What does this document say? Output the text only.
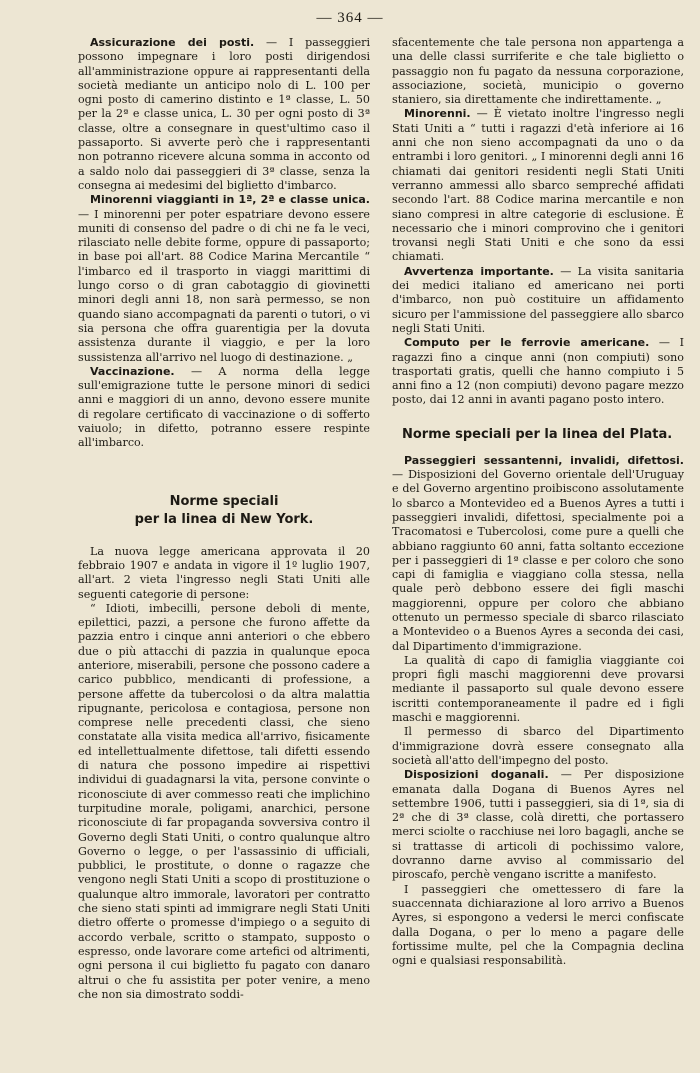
— 364 —

Assicurazione dei posti. — I passeggieri possono impegnare i loro posti dirigendosi all'amministrazione oppure ai rappresentanti della società mediante un anticipo nolo di L. 100 per ogni posto di camerino distinto e 1ª classe, L. 50 per la 2ª e classe unica, L. 30 per ogni posto di 3ª classe, oltre a consegnare in quest'ultimo caso il passaporto. Si avverte però che i rappresentanti non potranno ricevere alcuna somma in acconto od a saldo nolo dai passeggieri di 3ª classe, senza la consegna ai medesimi del biglietto d'imbarco.

Minorenni viaggianti in 1ª, 2ª e classe unica. — I minorenni per poter espatriare devono essere muniti di consenso del padre o di chi ne fa le veci, rilasciato nelle debite forme, oppure di passaporto; in base poi all'art. 88 Codice Marina Mercantile “ l'imbarco ed il trasporto in viaggi marittimi di lungo corso o di gran cabotaggio di giovinetti minori degli anni 18, non sarà permesso, se non quando siano accompagnati da parenti o tutori, o vi sia persona che offra guarentigia per la dovuta assistenza durante il viaggio, e per la loro sussistenza all'arrivo nel luogo di destinazione. „

Vaccinazione. — A norma della legge sull'emigrazione tutte le persone minori di sedici anni e maggiori di un anno, devono essere munite di regolare certificato di vaccinazione o di sofferto vaiuolo; in difetto, potranno essere respinte all'imbarco.

Norme speciali
per la linea di New York.

La nuova legge americana approvata il 20 febbraio 1907 e andata in vigore il 1º luglio 1907, all'art. 2 vieta l'ingresso negli Stati Uniti alle seguenti categorie di persone:

“ Idioti, imbecilli, persone deboli di mente, epilettici, pazzi, a persone che furono affette da pazzia entro i cinque anni anteriori o che ebbero due o più attacchi di pazzia in qualunque epoca anteriore, miserabili, persone che possono cadere a carico pubblico, mendicanti di professione, a persone affette da tubercolosi o da altra malattia ripugnante, pericolosa e contagiosa, persone non comprese nelle precedenti classi, che sieno constatate alla visita medica all'arrivo, fisicamente ed intellettualmente difettose, tali difetti essendo di natura che possono impedire ai rispettivi individui di guadagnarsi la vita, persone convinte o riconosciute di aver commesso reati che implichino turpitudine morale, poligami, anarchici, persone riconosciute di far propaganda sovversiva contro il Governo degli Stati Uniti, o contro qualunque altro Governo o legge, o per l'assassinio di ufficiali, pubblici, le prostitute, o donne o ragazze che vengono negli Stati Uniti a scopo di prostituzione o qualunque altro immorale, lavoratori per contratto che sieno stati spinti ad immigrare negli Stati Uniti dietro offerte o promesse d'impiego o a seguito di accordo verbale, scritto o stampato, supposto o espresso, onde lavorare come artefici od altrimenti, ogni persona il cui biglietto fu pagato con danaro altrui o che fu assistita per poter venire, a meno che non sia dimostrato soddi-

sfacentemente che tale persona non appartenga a una delle classi surriferite e che tale biglietto o passaggio non fu pagato da nessuna corporazione, associazione, società, municipio o governo staniero, sia direttamente che indirettamente. „

Minorenni. — È vietato inoltre l'ingresso negli Stati Uniti a “ tutti i ragazzi d'età inferiore ai 16 anni che non sieno accompagnati da uno o da entrambi i loro genitori. „ I minorenni degli anni 16 chiamati dai genitori residenti negli Stati Uniti verranno ammessi allo sbarco sempreché affidati secondo l'art. 88 Codice marina mercantile e non siano compresi in altre categorie di esclusione. È necessario che i minori comprovino che i genitori trovansi negli Stati Uniti e che sono da essi chiamati.

Avvertenza importante. — La visita sanitaria dei medici italiano ed americano nei porti d'imbarco, non può costituire un affidamento sicuro per l'ammissione del passeggiere allo sbarco negli Stati Uniti.

Computo per le ferrovie americane. — I ragazzi fino a cinque anni (non compiuti) sono trasportati gratis, quelli che hanno compiuto i 5 anni fino a 12 (non compiuti) devono pagare mezzo posto, dai 12 anni in avanti pagano posto intero.

Norme speciali per la linea del Plata.

Passeggieri sessantenni, invalidi, difettosi. — Disposizioni del Governo orientale dell'Uruguay e del Governo argentino proibiscono assolutamente lo sbarco a Montevideo ed a Buenos Ayres a tutti i passeggieri invalidi, difettosi, specialmente poi a Tracomatosi e Tubercolosi, come pure a quelli che abbiano raggiunto 60 anni, fatta soltanto eccezione per i passeggieri di 1ª classe e per coloro che sono capi di famiglia e viaggiano colla stessa, nella quale però debbono essere dei figli maschi maggiorenni, oppure per coloro che abbiano ottenuto un permesso speciale di sbarco rilasciato a Montevideo o a Buenos Ayres a seconda dei casi, dal Dipartimento d'immigrazione.

La qualità di capo di famiglia viaggiante coi propri figli maschi maggiorenni deve provarsi mediante il passaporto sul quale devono essere iscritti contemporaneamente il padre ed i figli maschi e maggiorenni.

Il permesso di sbarco del Dipartimento d'immigrazione dovrà essere consegnato alla società all'atto dell'impegno del posto.

Disposizioni doganali. — Per disposizione emanata dalla Dogana di Buenos Ayres nel settembre 1906, tutti i passeggieri, sia di 1ª, sia di 2ª che di 3ª classe, colà diretti, che portassero merci sciolte o racchiuse nei loro bagagli, anche se si trattasse di articoli di pochissimo valore, dovranno darne avviso al commissario del piroscafo, perchè vengano iscritte a manifesto.

I passeggieri che omettessero di fare la suaccennata dichiarazione al loro arrivo a Buenos Ayres, si espongono a vedersi le merci confiscate dalla Dogana, o per lo meno a pagare delle fortissime multe, pel che la Compagnia declina ogni e qualsiasi responsabilità.
